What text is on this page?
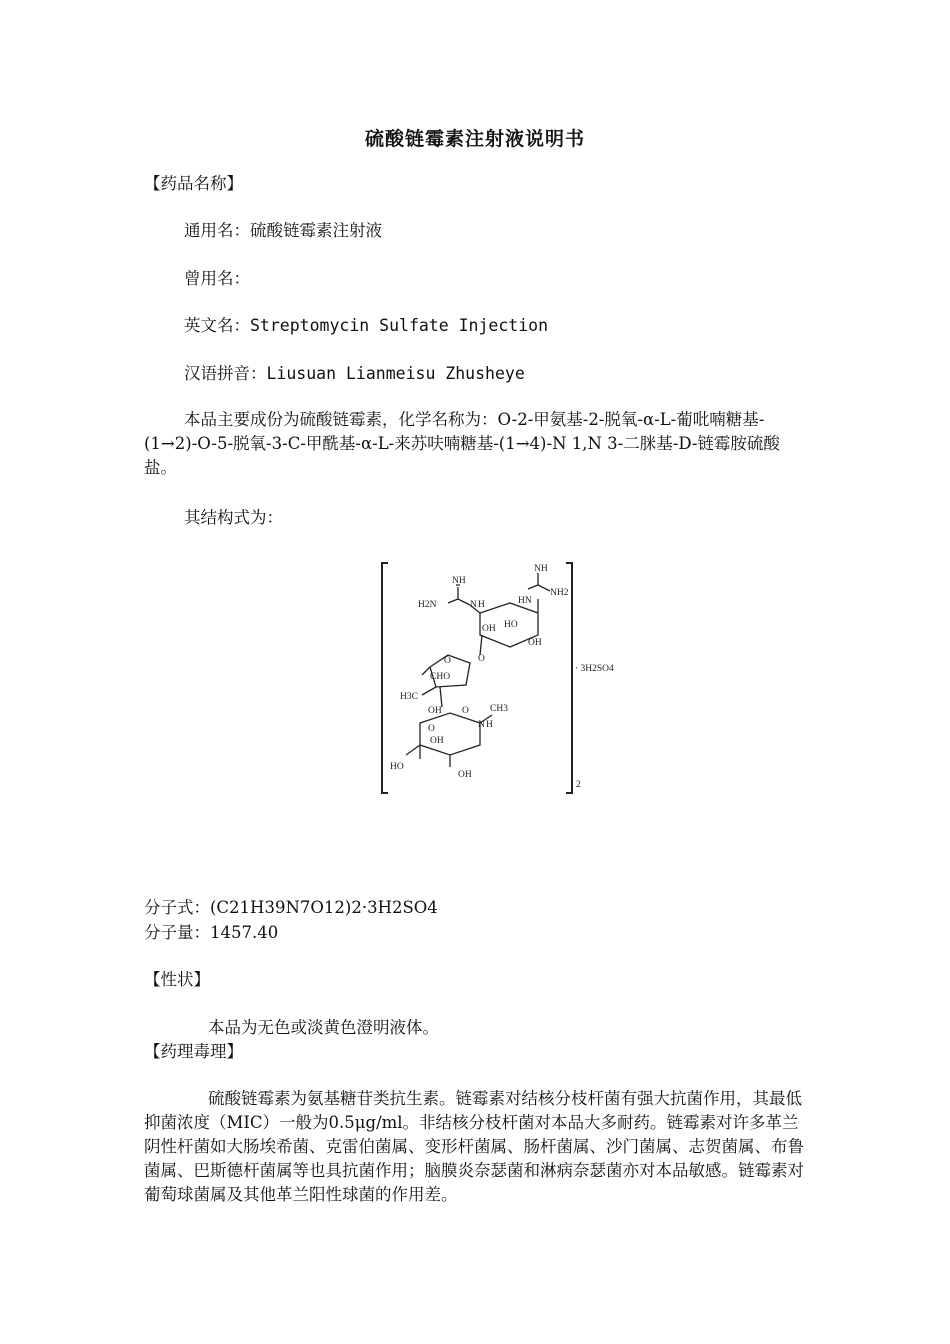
硫酸链霉素注射液说明书
【药品名称】
通用名：硫酸链霉素注射液
曾用名：
英文名：Streptomycin Sulfate Injection
汉语拼音：Liusuan Lianmeisu Zhusheye

本品主要成份为硫酸链霉素，化学名称为：O-2-甲氨基-2-脱氧-α-L-葡吡喃糖基-(1→2)-O-5-脱氧-3-C-甲酰基-α-L-来苏呋喃糖基-(1→4)-N 1,N 3-二脒基-D-链霉胺硫酸盐。

其结构式为：
NH
H2N	N H
NH
HN
NH2
OH HO
OH
O
O
CHO
H3C
OH O CH3
N H
O
OH
HO
OH
· 3H2SO4
2
分子式：(C21H39N7O12)2·3H2SO4
分子量：1457.40
【性状】
本品为无色或淡黄色澄明液体。
【药理毒理】

硫酸链霉素为氨基糖苷类抗生素。链霉素对结核分枝杆菌有强大抗菌作用，其最低抑菌浓度（MIC）一般为0.5μg/ml。非结核分枝杆菌对本品大多耐药。链霉素对许多革兰阴性杆菌如大肠埃希菌、克雷伯菌属、变形杆菌属、肠杆菌属、沙门菌属、志贺菌属、布鲁菌属、巴斯德杆菌属等也具抗菌作用；脑膜炎奈瑟菌和淋病奈瑟菌亦对本品敏感。链霉素对葡萄球菌属及其他革兰阳性球菌的作用差。
